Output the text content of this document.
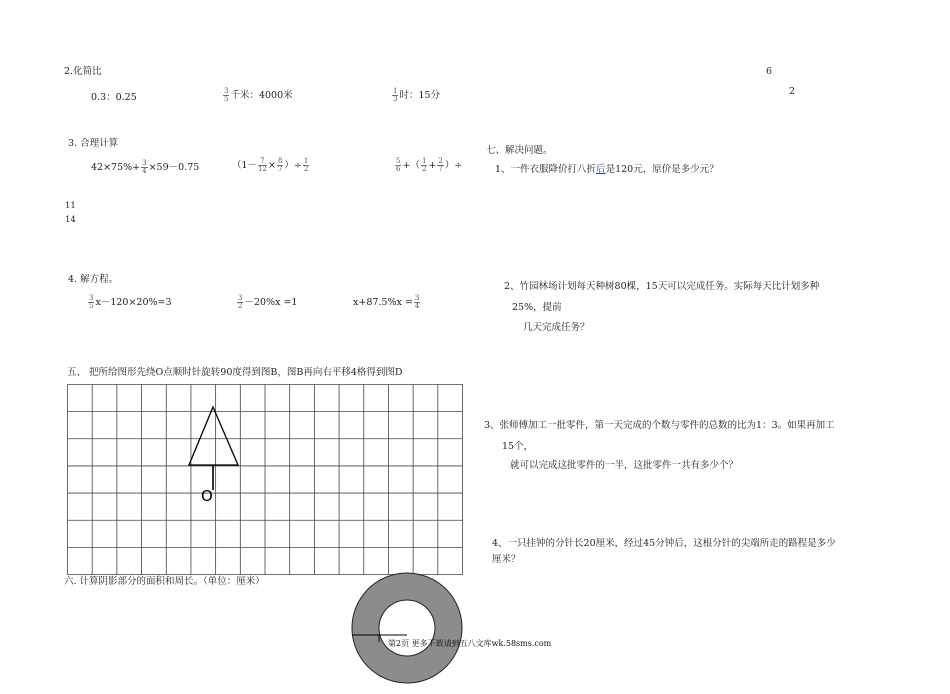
6
2
2.化简比
0.3：0.25	$\frac{3}{5}$ 千米：4000米	$\frac{1}{3}$ 时：15分
3. 合理计算
$42\times 75\%+ \frac{3}{4} \times 59-0.75$	（$1- \frac{7}{12} \times \frac{8}{7}$ ）÷ $\frac{1}{2}$	$\frac{5}{6}$ +（ $\frac{1}{2} + \frac{2}{7}$ ）÷
11
14
4. 解方程。
$\frac{3}{5} x-120\times 20\%=3$	$\frac{3}{2} -20\%x =1$	$x+87.5\%x = \frac{3}{4}$
五、 把所给图形先绕O点顺时针旋转90度得到图B，图B再向右平移4格得到图D
O
六. 计算阴影部分的面积和周长。（单位：厘米）
七、解决问题。
1、一件衣服降价打八折后是120元，原价是多少元？
2、竹园林场计划每天种树80棵，15天可以完成任务。实际每天比计划多种
25%，提前
几天完成任务？
3、张师傅加工一批零件，第一天完成的个数与零件的总数的比为1：3。如果再加工
15个，
就可以完成这批零件的一半，这批零件一共有多少个？
4、一只挂钟的分针长20厘米，经过45分钟后，这根分针的尖端所走的路程是多少
厘米？
第2页 更多下载请到五八文库wk.58sms.com
